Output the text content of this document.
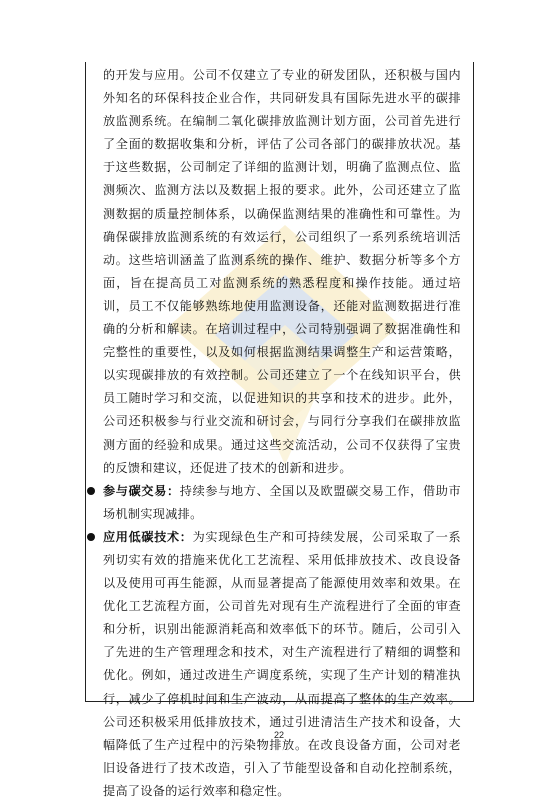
的开发与应用。公司不仅建立了专业的研发团队，还积极与国内外知名的环保科技企业合作，共同研发具有国际先进水平的碳排放监测系统。在编制二氧化碳排放监测计划方面，公司首先进行了全面的数据收集和分析，评估了公司各部门的碳排放状况。基于这些数据，公司制定了详细的监测计划，明确了监测点位、监测频次、监测方法以及数据上报的要求。此外，公司还建立了监测数据的质量控制体系，以确保监测结果的准确性和可靠性。为确保碳排放监测系统的有效运行，公司组织了一系列系统培训活动。这些培训涵盖了监测系统的操作、维护、数据分析等多个方面，旨在提高员工对监测系统的熟悉程度和操作技能。通过培训，员工不仅能够熟练地使用监测设备，还能对监测数据进行准确的分析和解读。在培训过程中，公司特别强调了数据准确性和完整性的重要性，以及如何根据监测结果调整生产和运营策略，以实现碳排放的有效控制。公司还建立了一个在线知识平台，供员工随时学习和交流，以促进知识的共享和技术的进步。此外，公司还积极参与行业交流和研讨会，与同行分享我们在碳排放监测方面的经验和成果。通过这些交流活动，公司不仅获得了宝贵的反馈和建议，还促进了技术的创新和进步。

参与碳交易：持续参与地方、全国以及欧盟碳交易工作，借助市场机制实现减排。

应用低碳技术：为实现绿色生产和可持续发展，公司采取了一系列切实有效的措施来优化工艺流程、采用低排放技术、改良设备以及使用可再生能源，从而显著提高了能源使用效率和效果。在优化工艺流程方面，公司首先对现有生产流程进行了全面的审查和分析，识别出能源消耗高和效率低下的环节。随后，公司引入了先进的生产管理理念和技术，对生产流程进行了精细的调整和优化。例如，通过改进生产调度系统，实现了生产计划的精准执行，减少了停机时间和生产波动，从而提高了整体的生产效率。公司还积极采用低排放技术，通过引进清洁生产技术和设备，大幅降低了生产过程中的污染物排放。在改良设备方面，公司对老旧设备进行了技术改造，引入了节能型设备和自动化控制系统，提高了设备的运行效率和稳定性。

22
